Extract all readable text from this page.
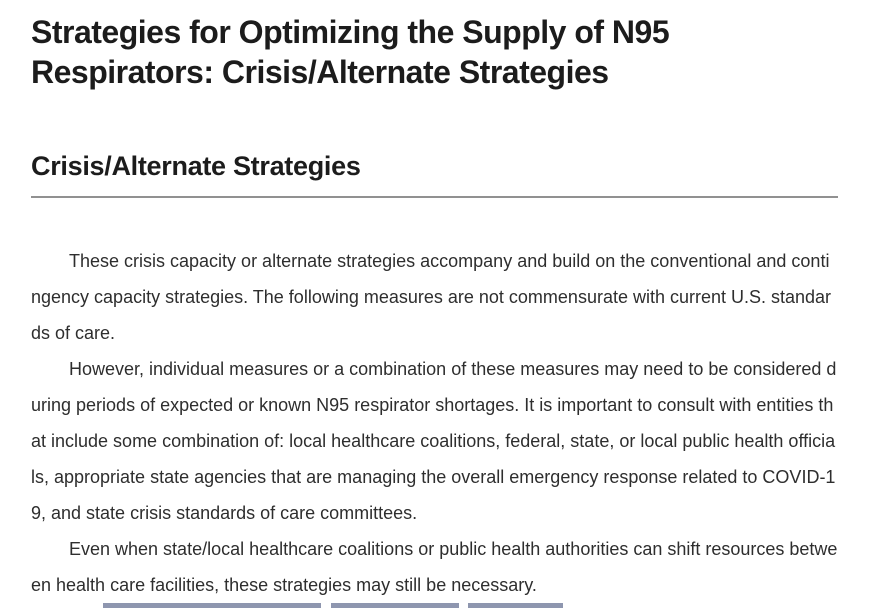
Strategies for Optimizing the Supply of N95
Respirators: Crisis/Alternate Strategies
Crisis/Alternate Strategies

These crisis capacity or alternate strategies accompany and build on the conventional and contingency capacity strategies. The following measures are not commensurate with current U.S. standards of care.

However, individual measures or a combination of these measures may need to be considered during periods of expected or known N95 respirator shortages. It is important to consult with entities that include some combination of: local healthcare coalitions, federal, state, or local public health officials, appropriate state agencies that are managing the overall emergency response related to COVID-19, and state crisis standards of care committees.

Even when state/local healthcare coalitions or public health authorities can shift resources between health care facilities, these strategies may still be necessary.
